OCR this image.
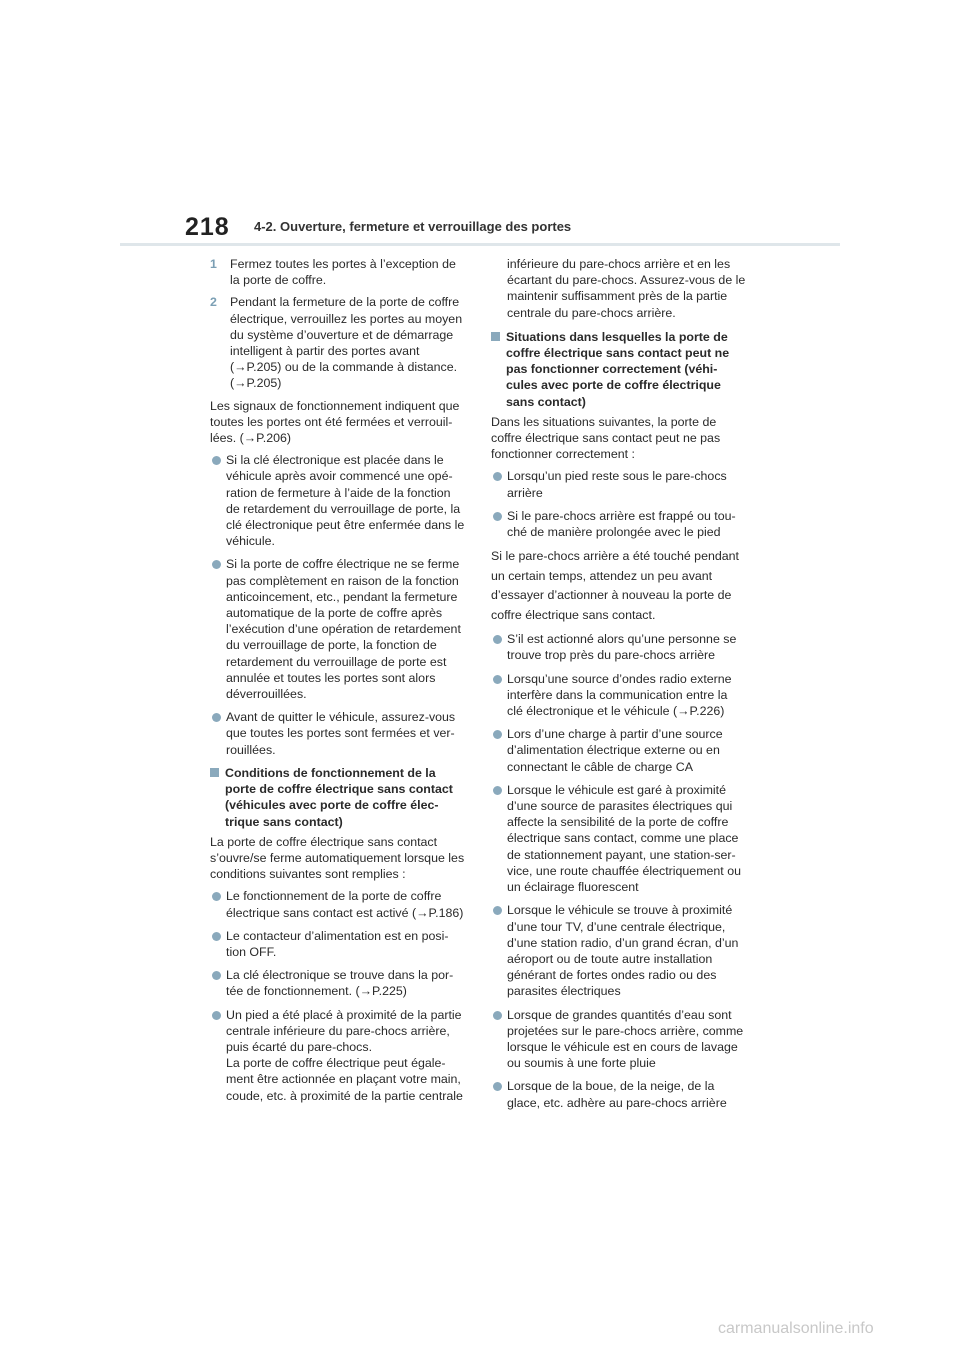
218 4-2. Ouverture, fermeture et verrouillage des portes
1 Fermez toutes les portes à l’exception de la porte de coffre.
2 Pendant la fermeture de la porte de coffre électrique, verrouillez les portes au moyen du système d’ouverture et de démarrage intelligent à partir des portes avant (→P.205) ou de la commande à distance. (→P.205)

Les signaux de fonctionnement indiquent que toutes les portes ont été fermées et verrouil-lées. (→P.206)

Si la clé électronique est placée dans le véhicule après avoir commencé une opé-ration de fermeture à l’aide de la fonction de retardement du verrouillage de porte, la clé électronique peut être enfermée dans le véhicule.
Si la porte de coffre électrique ne se ferme pas complètement en raison de la fonction anticoincement, etc., pendant la fermeture automatique de la porte de coffre après l’exécution d’une opération de retardement du verrouillage de porte, la fonction de retardement du verrouillage de porte est annulée et toutes les portes sont alors déverrouillées.
Avant de quitter le véhicule, assurez-vous que toutes les portes sont fermées et ver-rouillées.
Conditions de fonctionnement de la porte de coffre électrique sans contact (véhicules avec porte de coffre élec-trique sans contact)

La porte de coffre électrique sans contact s’ouvre/se ferme automatiquement lorsque les conditions suivantes sont remplies :

Le fonctionnement de la porte de coffre électrique sans contact est activé (→P.186)
Le contacteur d’alimentation est en posi-tion OFF.
La clé électronique se trouve dans la por-tée de fonctionnement. (→P.225)
Un pied a été placé à proximité de la partie centrale inférieure du pare-chocs arrière, puis écarté du pare-chocs.
La porte de coffre électrique peut égale-ment être actionnée en plaçant votre main, coude, etc. à proximité de la partie centrale

inférieure du pare-chocs arrière et en les écartant du pare-chocs. Assurez-vous de le maintenir suffisamment près de la partie centrale du pare-chocs arrière.

Situations dans lesquelles la porte de coffre électrique sans contact peut ne pas fonctionner correctement (véhi-cules avec porte de coffre électrique sans contact)

Dans les situations suivantes, la porte de coffre électrique sans contact peut ne pas fonctionner correctement :

Lorsqu’un pied reste sous le pare-chocs arrière
Si le pare-chocs arrière est frappé ou tou-ché de manière prolongée avec le pied

Si le pare-chocs arrière a été touché pendant un certain temps, attendez un peu avant d’essayer d’actionner à nouveau la porte de coffre électrique sans contact.

S’il est actionné alors qu’une personne se trouve trop près du pare-chocs arrière
Lorsqu’une source d’ondes radio externe interfère dans la communication entre la clé électronique et le véhicule (→P.226)
Lors d’une charge à partir d’une source d’alimentation électrique externe ou en connectant le câble de charge CA
Lorsque le véhicule est garé à proximité d’une source de parasites électriques qui affecte la sensibilité de la porte de coffre électrique sans contact, comme une place de stationnement payant, une station-ser-vice, une route chauffée électriquement ou un éclairage fluorescent
Lorsque le véhicule se trouve à proximité d’une tour TV, d’une centrale électrique, d’une station radio, d’un grand écran, d’un aéroport ou de toute autre installation générant de fortes ondes radio ou des parasites électriques
Lorsque de grandes quantités d’eau sont projetées sur le pare-chocs arrière, comme lorsque le véhicule est en cours de lavage ou soumis à une forte pluie
Lorsque de la boue, de la neige, de la glace, etc. adhère au pare-chocs arrière
carmanualsonline.info
